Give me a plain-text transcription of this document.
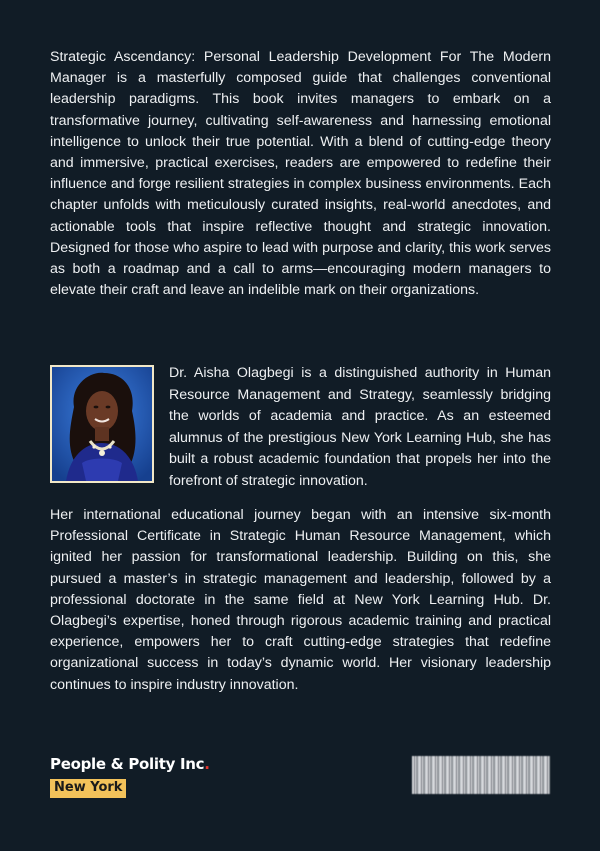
Strategic Ascendancy: Personal Leadership Development For The Modern Manager is a masterfully composed guide that challenges conventional leadership paradigms. This book invites managers to embark on a transformative journey, cultivating self-awareness and harnessing emotional intelligence to unlock their true potential. With a blend of cutting-edge theory and immersive, practical exercises, readers are empowered to redefine their influence and forge resilient strategies in complex business environments. Each chapter unfolds with meticulously curated insights, real-world anecdotes, and actionable tools that inspire reflective thought and strategic innovation. Designed for those who aspire to lead with purpose and clarity, this work serves as both a roadmap and a call to arms—encouraging modern managers to elevate their craft and leave an indelible mark on their organizations.

Dr. Aisha Olagbegi is a distinguished authority in Human Resource Management and Strategy, seamlessly bridging the worlds of academia and practice. As an esteemed alumnus of the prestigious New York Learning Hub, she has built a robust academic foundation that propels her into the forefront of strategic innovation.

Her international educational journey began with an intensive six-month Professional Certificate in Strategic Human Resource Management, which ignited her passion for transformational leadership. Building on this, she pursued a master’s in strategic management and leadership, followed by a professional doctorate in the same field at New York Learning Hub. Dr. Olagbegi’s expertise, honed through rigorous academic training and practical experience, empowers her to craft cutting-edge strategies that redefine organizational success in today’s dynamic world. Her visionary leadership continues to inspire industry innovation.

People & Polity Inc.
New York
